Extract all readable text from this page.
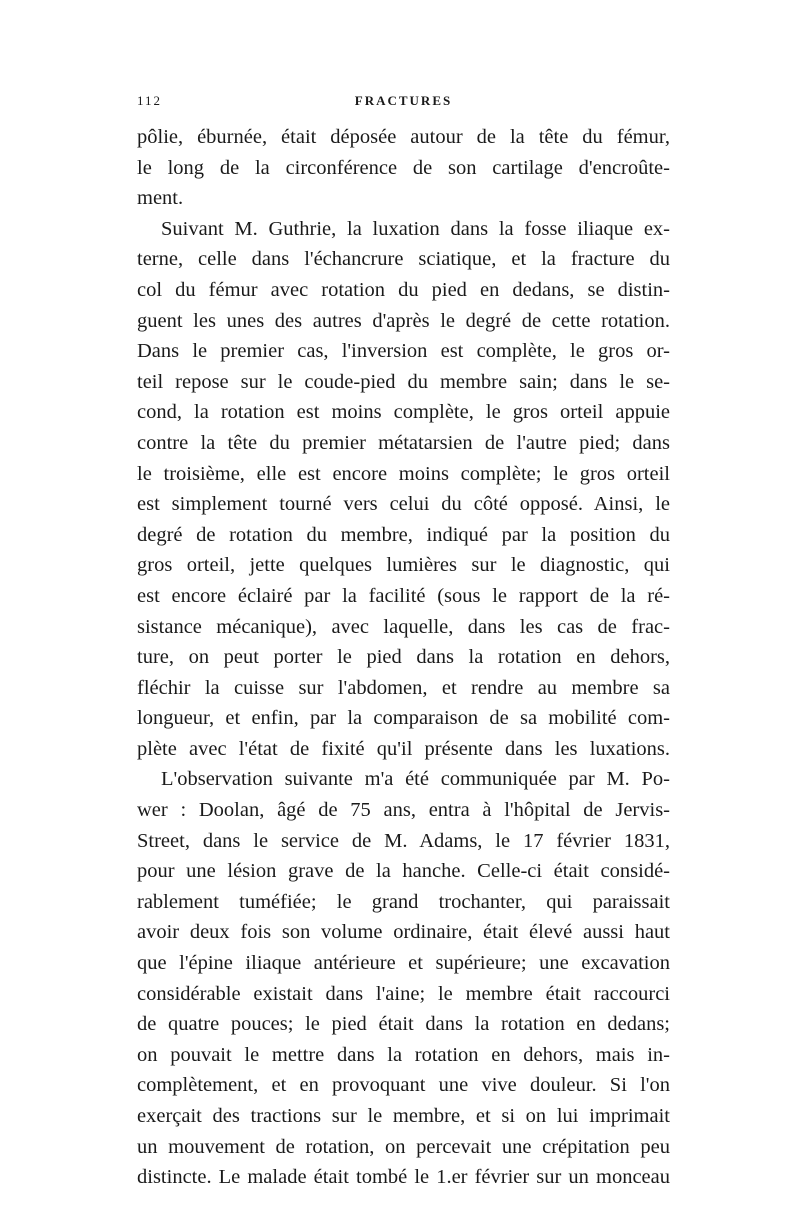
112	FRACTURES
pôlie, éburnée, était déposée autour de la tête du fémur,
le long de la circonférence de son cartilage d'encroûte-
ment.
Suivant M. Guthrie, la luxation dans la fosse iliaque ex-
terne, celle dans l'échancrure sciatique, et la fracture du
col du fémur avec rotation du pied en dedans, se distin-
guent les unes des autres d'après le degré de cette rotation.
Dans le premier cas, l'inversion est complète, le gros or-
teil repose sur le coude-pied du membre sain; dans le se-
cond, la rotation est moins complète, le gros orteil appuie
contre la tête du premier métatarsien de l'autre pied; dans
le troisième, elle est encore moins complète; le gros orteil
est simplement tourné vers celui du côté opposé. Ainsi, le
degré de rotation du membre, indiqué par la position du
gros orteil, jette quelques lumières sur le diagnostic, qui
est encore éclairé par la facilité (sous le rapport de la ré-
sistance mécanique), avec laquelle, dans les cas de frac-
ture, on peut porter le pied dans la rotation en dehors,
fléchir la cuisse sur l'abdomen, et rendre au membre sa
longueur, et enfin, par la comparaison de sa mobilité com-
plète avec l'état de fixité qu'il présente dans les luxations.
L'observation suivante m'a été communiquée par M. Po-
wer : Doolan, âgé de 75 ans, entra à l'hôpital de Jervis-
Street, dans le service de M. Adams, le 17 février 1831,
pour une lésion grave de la hanche. Celle-ci était considé-
rablement tuméfiée; le grand trochanter, qui paraissait
avoir deux fois son volume ordinaire, était élevé aussi haut
que l'épine iliaque antérieure et supérieure; une excavation
considérable existait dans l'aine; le membre était raccourci
de quatre pouces; le pied était dans la rotation en dedans;
on pouvait le mettre dans la rotation en dehors, mais in-
complètement, et en provoquant une vive douleur. Si l'on
exerçait des tractions sur le membre, et si on lui imprimait
un mouvement de rotation, on percevait une crépitation peu
distincte. Le malade était tombé le 1.er février sur un monceau
